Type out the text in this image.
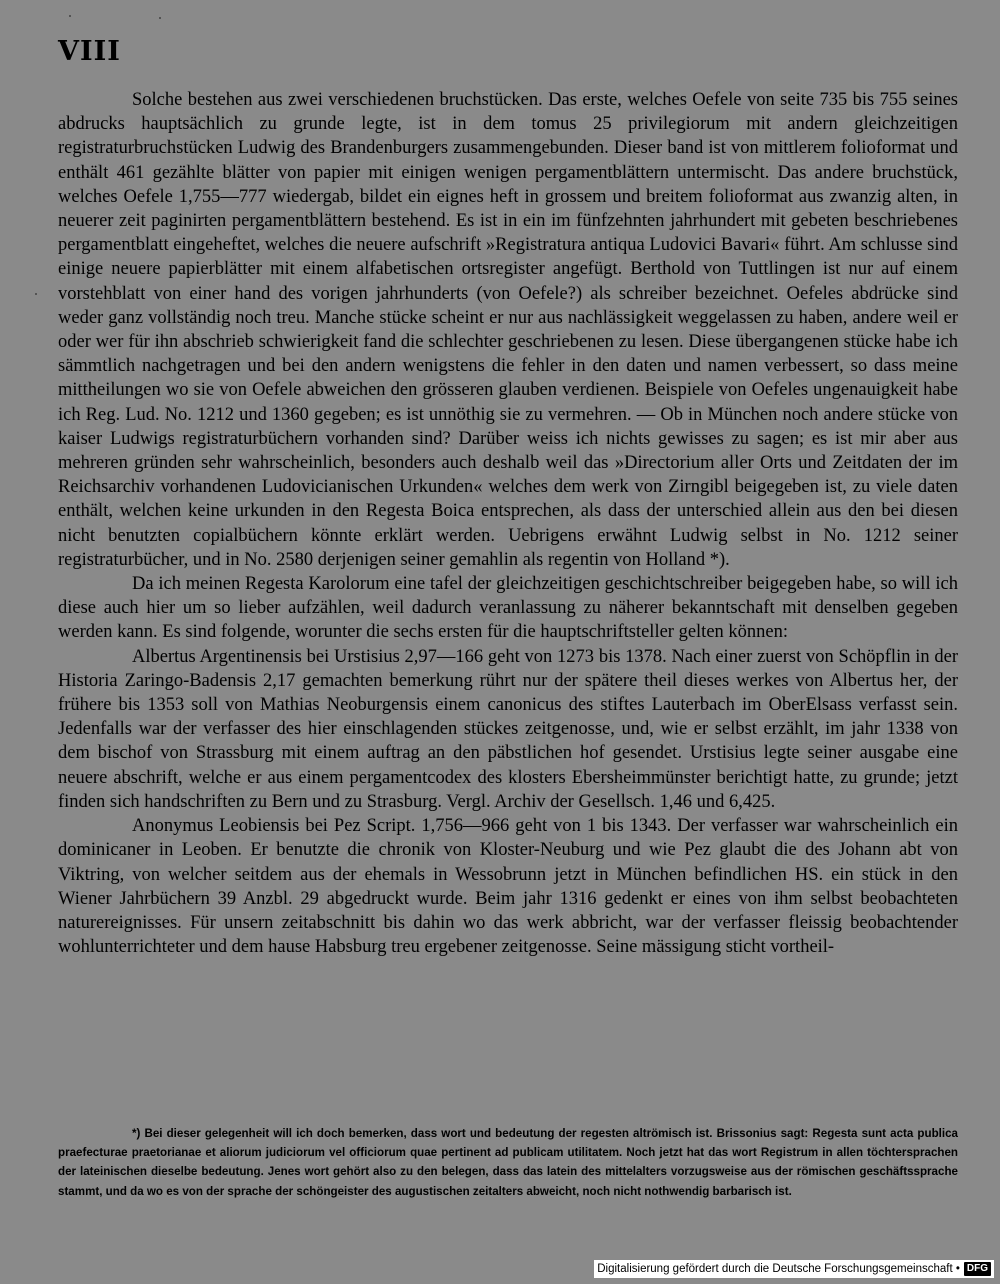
VIII

Solche bestehen aus zwei verschiedenen bruchstücken. Das erste, welches Oefele von seite 735 bis 755 seines abdrucks hauptsächlich zu grunde legte, ist in dem tomus 25 privilegiorum mit andern gleichzeitigen registraturbruchstücken Ludwig des Brandenburgers zusammengebunden. Dieser band ist von mittlerem folioformat und enthält 461 gezählte blätter von papier mit einigen wenigen pergamentblättern untermischt. Das andere bruchstück, welches Oefele 1,755—777 wiedergab, bildet ein eignes heft in grossem und breitem folioformat aus zwanzig alten, in neuerer zeit paginirten pergamentblättern bestehend. Es ist in ein im fünfzehnten jahrhundert mit gebeten beschriebenes pergamentblatt eingeheftet, welches die neuere aufschrift »Registratura antiqua Ludovici Bavari« führt. Am schlusse sind einige neuere papierblätter mit einem alfabetischen ortsregister angefügt. Berthold von Tuttlingen ist nur auf einem vorstehblatt von einer hand des vorigen jahrhunderts (von Oefele?) als schreiber bezeichnet. Oefeles abdrücke sind weder ganz vollständig noch treu. Manche stücke scheint er nur aus nachlässigkeit weggelassen zu haben, andere weil er oder wer für ihn abschrieb schwierigkeit fand die schlechter geschriebenen zu lesen. Diese übergangenen stücke habe ich sämmtlich nachgetragen und bei den andern wenigstens die fehler in den daten und namen verbessert, so dass meine mittheilungen wo sie von Oefele abweichen den grösseren glauben verdienen. Beispiele von Oefeles ungenauigkeit habe ich Reg. Lud. No. 1212 und 1360 gegeben; es ist unnöthig sie zu vermehren. — Ob in München noch andere stücke von kaiser Ludwigs registraturbüchern vorhanden sind? Darüber weiss ich nichts gewisses zu sagen; es ist mir aber aus mehreren gründen sehr wahrscheinlich, besonders auch deshalb weil das »Directorium aller Orts und Zeitdaten der im Reichsarchiv vorhandenen Ludovicianischen Urkunden« welches dem werk von Zirngibl beigegeben ist, zu viele daten enthält, welchen keine urkunden in den Regesta Boica entsprechen, als dass der unterschied allein aus den bei diesen nicht benutzten copialbüchern könnte erklärt werden. Uebrigens erwähnt Ludwig selbst in No. 1212 seiner registraturbücher, und in No. 2580 derjenigen seiner gemahlin als regentin von Holland *).

Da ich meinen Regesta Karolorum eine tafel der gleichzeitigen geschichtschreiber beigegeben habe, so will ich diese auch hier um so lieber aufzählen, weil dadurch veranlassung zu näherer bekanntschaft mit denselben gegeben werden kann. Es sind folgende, worunter die sechs ersten für die hauptschriftsteller gelten können:

Albertus Argentinensis bei Urstisius 2,97—166 geht von 1273 bis 1378. Nach einer zuerst von Schöpflin in der Historia Zaringo-Badensis 2,17 gemachten bemerkung rührt nur der spätere theil dieses werkes von Albertus her, der frühere bis 1353 soll von Mathias Neoburgensis einem canonicus des stiftes Lauterbach im OberElsass verfasst sein. Jedenfalls war der verfasser des hier einschlagenden stückes zeitgenosse, und, wie er selbst erzählt, im jahr 1338 von dem bischof von Strassburg mit einem auftrag an den päbstlichen hof gesendet. Urstisius legte seiner ausgabe eine neuere abschrift, welche er aus einem pergamentcodex des klosters Ebersheimmünster berichtigt hatte, zu grunde; jetzt finden sich handschriften zu Bern und zu Strasburg. Vergl. Archiv der Gesellsch. 1,46 und 6,425.

Anonymus Leobiensis bei Pez Script. 1,756—966 geht von 1 bis 1343. Der verfasser war wahrscheinlich ein dominicaner in Leoben. Er benutzte die chronik von Kloster-Neuburg und wie Pez glaubt die des Johann abt von Viktring, von welcher seitdem aus der ehemals in Wessobrunn jetzt in München befindlichen HS. ein stück in den Wiener Jahrbüchern 39 Anzbl. 29 abgedruckt wurde. Beim jahr 1316 gedenkt er eines von ihm selbst beobachteten naturereignisses. Für unsern zeitabschnitt bis dahin wo das werk abbricht, war der verfasser fleissig beobachtender wohlunterrichteter und dem hause Habsburg treu ergebener zeitgenosse. Seine mässigung sticht vortheil-

*) Bei dieser gelegenheit will ich doch bemerken, dass wort und bedeutung der regesten altrömisch ist. Brissonius sagt: Regesta sunt acta publica praefecturae praetorianae et aliorum judiciorum vel officiorum quae pertinent ad publicam utilitatem. Noch jetzt hat das wort Registrum in allen töchtersprachen der lateinischen dieselbe bedeutung. Jenes wort gehört also zu den belegen, dass das latein des mittelalters vorzugsweise aus der römischen geschäftssprache stammt, und da wo es von der sprache der schöngeister des augustischen zeitalters abweicht, noch nicht nothwendig barbarisch ist.
Digitalisierung gefördert durch die Deutsche Forschungsgemeinschaft • DFG
